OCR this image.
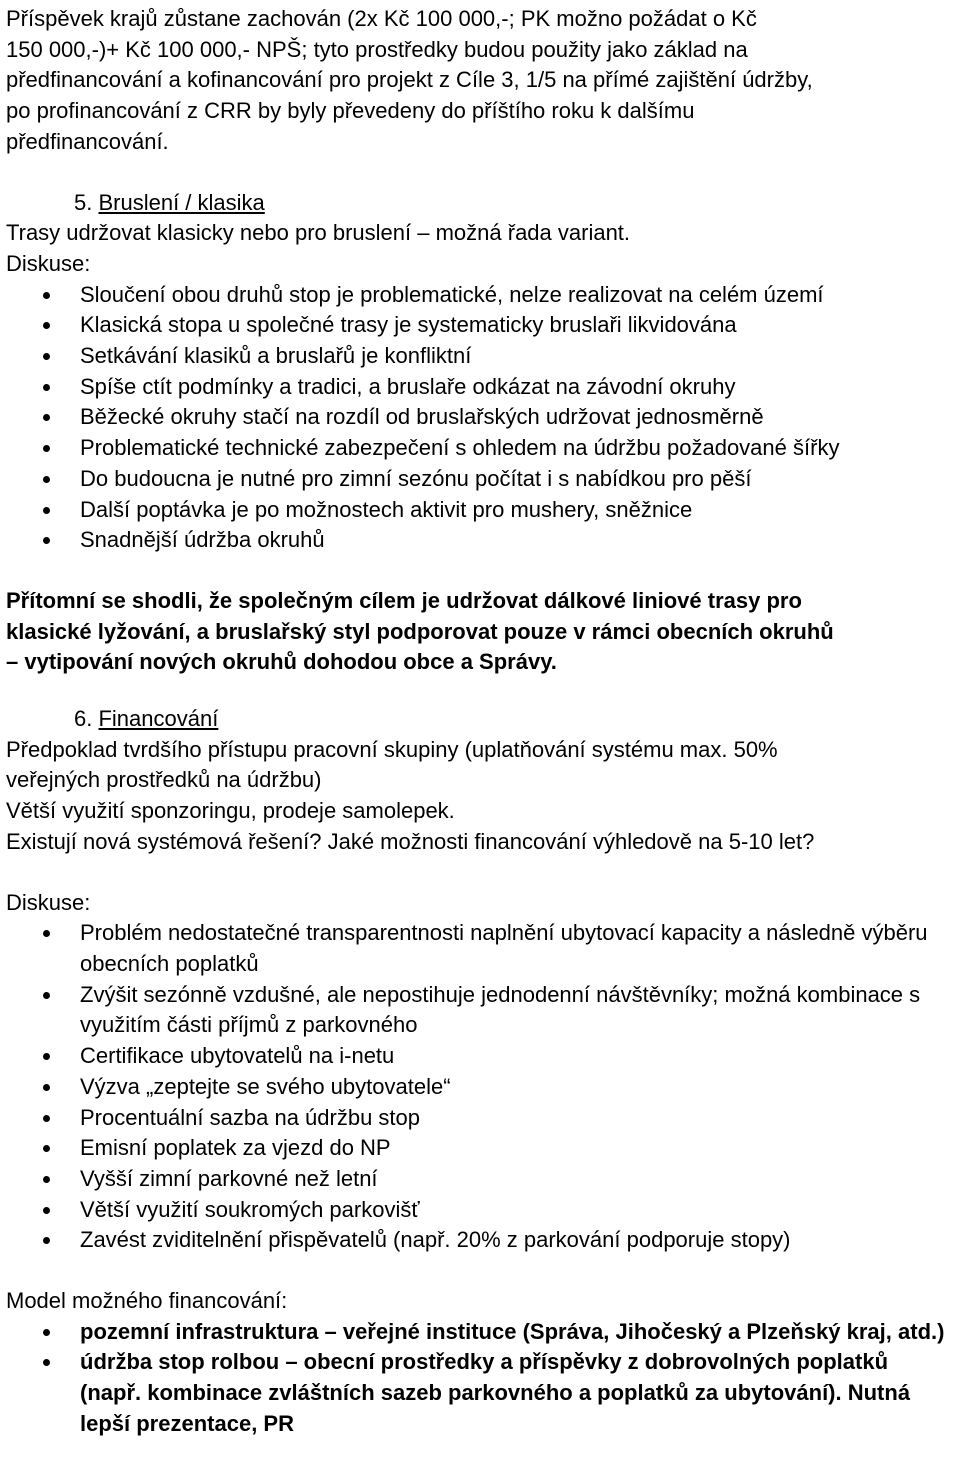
Příspěvek krajů zůstane zachován (2x Kč 100 000,-; PK možno požádat o Kč

150 000,-)+ Kč 100 000,- NPŠ; tyto prostředky budou použity jako základ na

předfinancování a kofinancování pro projekt z Cíle 3, 1/5 na přímé zajištění údržby,

po profinancování z CRR by byly převedeny do příštího roku k dalšímu

předfinancování.

5. Bruslení / klasika

Trasy udržovat klasicky nebo pro bruslení – možná řada variant.

Diskuse:

Sloučení obou druhů stop je problematické, nelze realizovat na celém území
Klasická stopa u společné trasy je systematicky bruslaři likvidována
Setkávání klasiků a bruslařů je konfliktní
Spíše ctít podmínky a tradici, a bruslaře odkázat na závodní okruhy
Běžecké okruhy stačí na rozdíl od bruslařských udržovat jednosměrně
Problematické technické zabezpečení s ohledem na údržbu požadované šířky
Do budoucna je nutné pro zimní sezónu počítat i s nabídkou pro pěší
Další poptávka je po možnostech aktivit pro mushery, sněžnice
Snadnější údržba okruhů

Přítomní se shodli, že společným cílem je udržovat dálkové liniové trasy pro

klasické lyžování, a bruslařský styl podporovat pouze v rámci obecních okruhů

– vytipování nových okruhů dohodou obce a Správy.

6. Financování

Předpoklad tvrdšího přístupu pracovní skupiny (uplatňování systému max. 50%

veřejných prostředků na údržbu)

Větší využití sponzoringu, prodeje samolepek.

Existují nová systémová řešení? Jaké možnosti financování výhledově na 5-10 let?

Diskuse:

Problém nedostatečné transparentnosti naplnění ubytovací kapacity a následně výběru obecních poplatků
Zvýšit sezónně vzdušné, ale nepostihuje jednodenní návštěvníky; možná kombinace s využitím části příjmů z parkovného
Certifikace ubytovatelů na i-netu
Výzva „zeptejte se svého ubytovatele“
Procentuální sazba na údržbu stop
Emisní poplatek za vjezd do NP
Vyšší zimní parkovné než letní
Větší využití soukromých parkovišť
Zavést zviditelnění přispěvatelů (např. 20% z parkování podporuje stopy)

Model možného financování:

pozemní infrastruktura – veřejné instituce (Správa, Jihočeský a Plzeňský kraj, atd.)
údržba stop rolbou – obecní prostředky a příspěvky z dobrovolných poplatků (např. kombinace zvláštních sazeb parkovného a poplatků za ubytování). Nutná lepší prezentace, PR
